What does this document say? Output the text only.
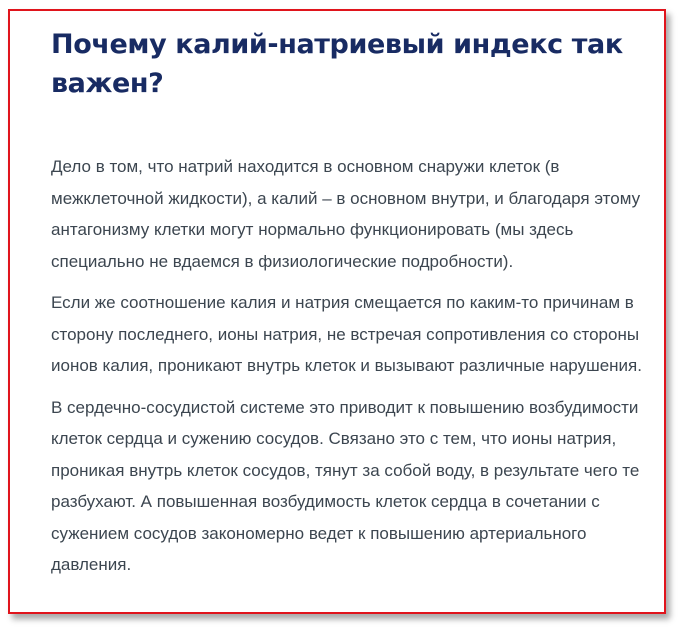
Почему калий-натриевый индекс так важен?

Дело в том, что натрий находится в основном снаружи клеток (в межклеточной жидкости), а калий – в основном внутри, и благодаря этому антагонизму клетки могут нормально функционировать (мы здесь специально не вдаемся в физиологические подробности).

Если же соотношение калия и натрия смещается по каким-то причинам в сторону последнего, ионы натрия, не встречая сопротивления со стороны ионов калия, проникают внутрь клеток и вызывают различные нарушения.

В сердечно-сосудистой системе это приводит к повышению возбудимости клеток сердца и сужению сосудов. Связано это с тем, что ионы натрия, проникая внутрь клеток сосудов, тянут за собой воду, в результате чего те разбухают. А повышенная возбудимость клеток сердца в сочетании с сужением сосудов закономерно ведет к повышению артериального давления.
